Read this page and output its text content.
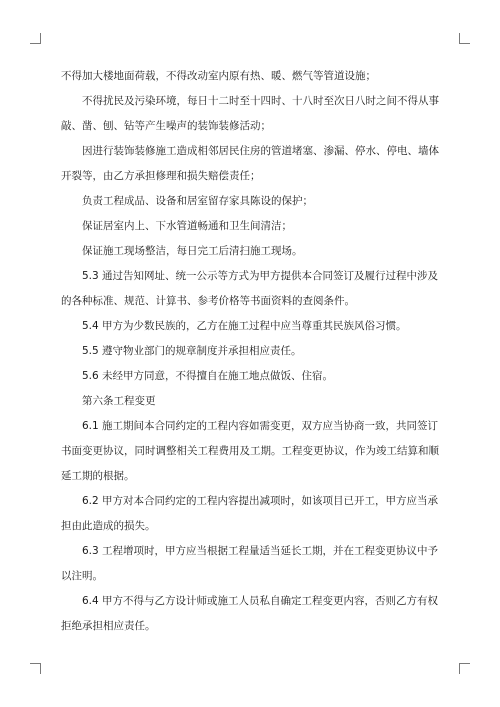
不得加大楼地面荷载，不得改动室内原有热、暖、燃气等管道设施；

不得扰民及污染环境，每日十二时至十四时、十八时至次日八时之间不得从事敲、凿、刨、钻等产生噪声的装饰装修活动；

因进行装饰装修施工造成相邻居民住房的管道堵塞、渗漏、停水、停电、墙体开裂等，由乙方承担修理和损失赔偿责任；

负责工程成品、设备和居室留存家具陈设的保护；

保证居室内上、下水管道畅通和卫生间清洁；

保证施工现场整洁，每日完工后清扫施工现场。

5.3 通过告知网址、统一公示等方式为甲方提供本合同签订及履行过程中涉及的各种标准、规范、计算书、参考价格等书面资料的查阅条件。

5.4 甲方为少数民族的，乙方在施工过程中应当尊重其民族风俗习惯。

5.5 遵守物业部门的规章制度并承担相应责任。

5.6 未经甲方同意，不得擅自在施工地点做饭、住宿。

第六条工程变更

6.1 施工期间本合同约定的工程内容如需变更，双方应当协商一致，共同签订书面变更协议，同时调整相关工程费用及工期。工程变更协议，作为竣工结算和顺延工期的根据。

6.2 甲方对本合同约定的工程内容提出减项时，如该项目已开工，甲方应当承担由此造成的损失。

6.3 工程增项时，甲方应当根据工程量适当延长工期，并在工程变更协议中予以注明。

6.4 甲方不得与乙方设计师或施工人员私自确定工程变更内容，否则乙方有权拒绝承担相应责任。
